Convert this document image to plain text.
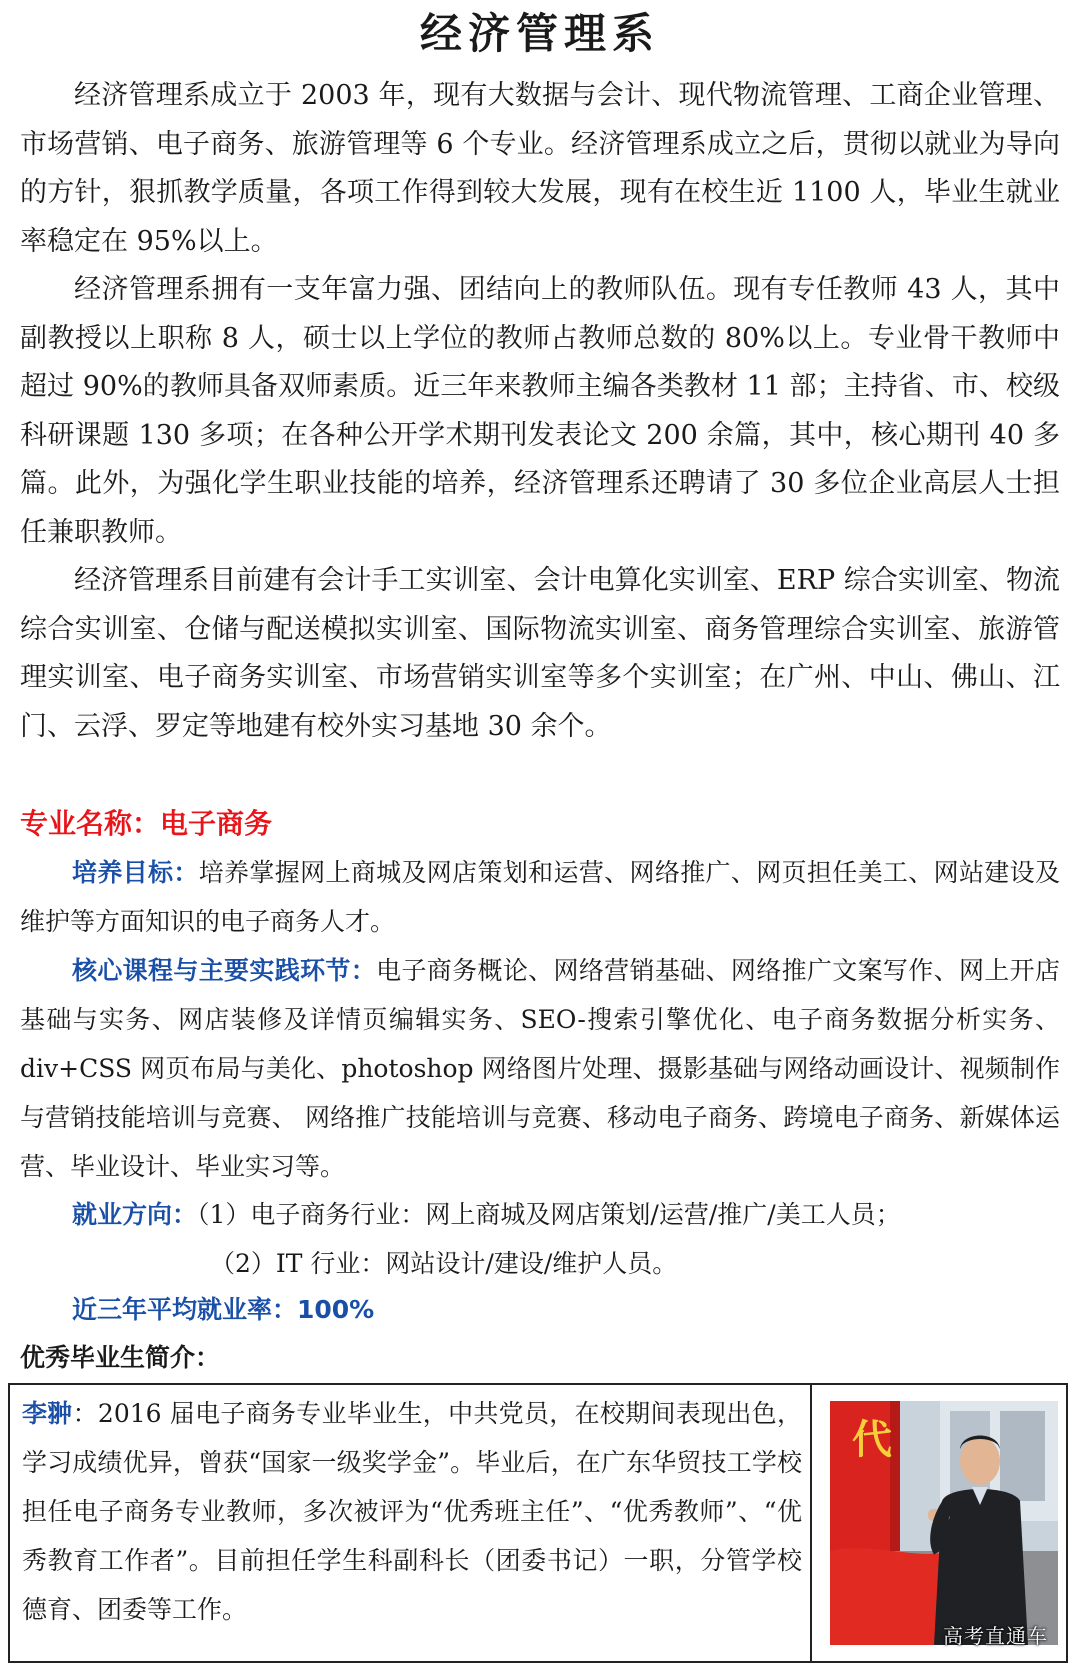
经济管理系

经济管理系成立于 2003 年，现有大数据与会计、现代物流管理、工商企业管理、市场营销、电子商务、旅游管理等 6 个专业。经济管理系成立之后，贯彻以就业为导向的方针，狠抓教学质量，各项工作得到较大发展，现有在校生近 1100 人，毕业生就业率稳定在 95%以上。

经济管理系拥有一支年富力强、团结向上的教师队伍。现有专任教师 43 人，其中副教授以上职称 8 人，硕士以上学位的教师占教师总数的 80%以上。专业骨干教师中超过 90%的教师具备双师素质。近三年来教师主编各类教材 11 部；主持省、市、校级科研课题 130 多项；在各种公开学术期刊发表论文 200 余篇，其中，核心期刊 40 多篇。此外，为强化学生职业技能的培养，经济管理系还聘请了 30 多位企业高层人士担任兼职教师。

经济管理系目前建有会计手工实训室、会计电算化实训室、ERP 综合实训室、物流综合实训室、仓储与配送模拟实训室、国际物流实训室、商务管理综合实训室、旅游管理实训室、电子商务实训室、市场营销实训室等多个实训室；在广州、中山、佛山、江门、云浮、罗定等地建有校外实习基地 30 余个。

专业名称：电子商务
培养目标：培养掌握网上商城及网店策划和运营、网络推广、网页担任美工、网站建设及维护等方面知识的电子商务人才。
核心课程与主要实践环节：电子商务概论、网络营销基础、网络推广文案写作、网上开店基础与实务、网店装修及详情页编辑实务、SEO-搜索引擎优化、电子商务数据分析实务、div+CSS 网页布局与美化、photoshop 网络图片处理、摄影基础与网络动画设计、视频制作与营销技能培训与竞赛、 网络推广技能培训与竞赛、移动电子商务、跨境电子商务、新媒体运营、毕业设计、毕业实习等。
就业方向：（1）电子商务行业：网上商城及网店策划/运营/推广/美工人员；
（2）IT 行业：网站设计/建设/维护人员。
近三年平均就业率：100%
优秀毕业生简介：
李翀：2016 届电子商务专业毕业生，中共党员，在校期间表现出色，学习成绩优异，曾获“国家一级奖学金”。毕业后，在广东华贸技工学校担任电子商务专业教师，多次被评为“优秀班主任”、“优秀教师”、“优秀教育工作者”。目前担任学生科副科长（团委书记）一职，分管学校德育、团委等工作。
代
高考直通车
